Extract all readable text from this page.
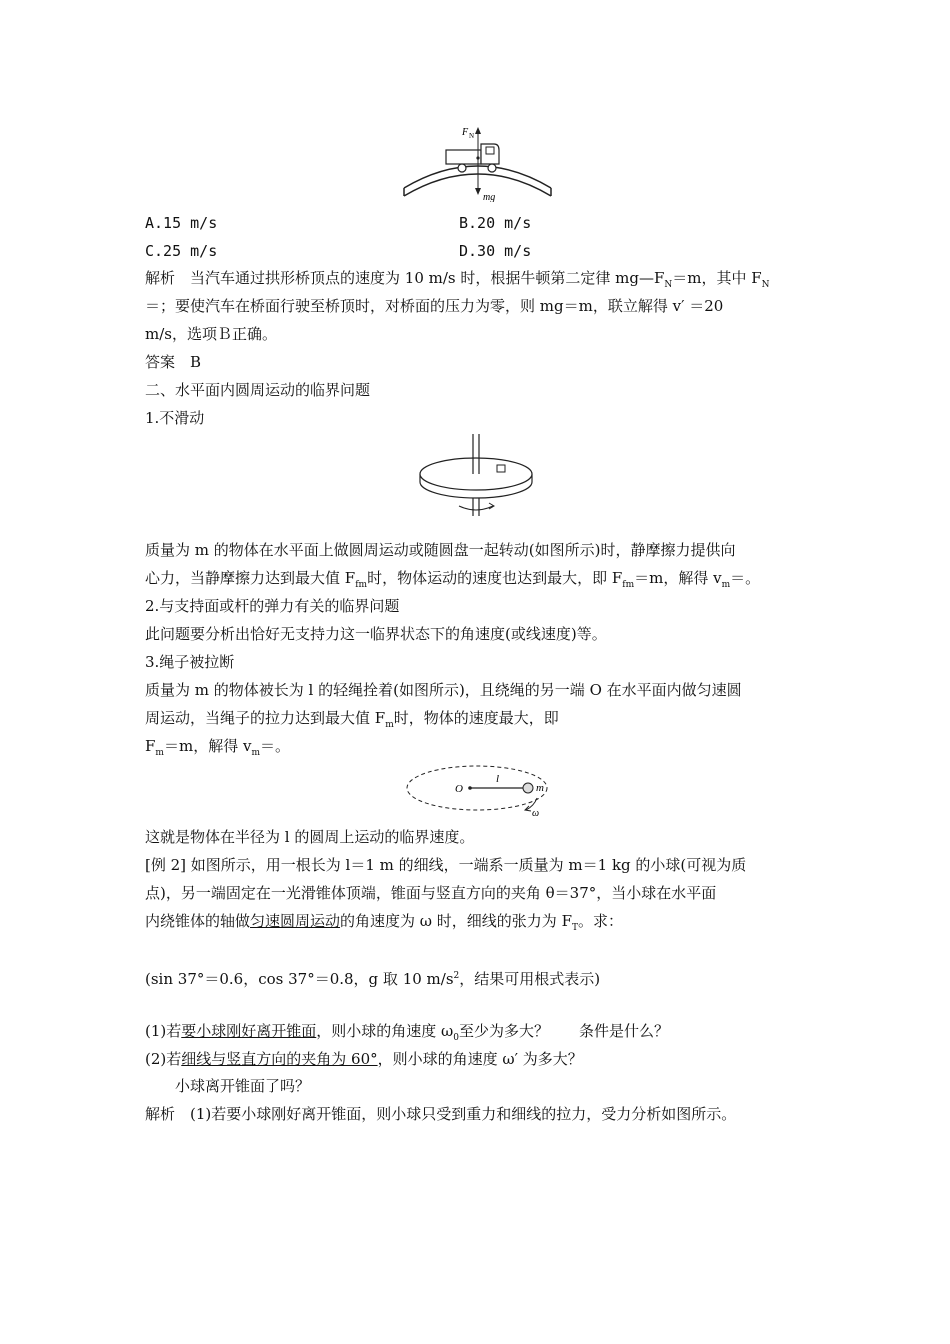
F N
mg
A.15 m/s	B.20 m/s
C.25 m/s	D.30 m/s
解析　当汽车通过拱形桥顶点的速度为 10 m/s 时，根据牛顿第二定律 $mg—F_N=m$，其中 $F_N$
＝；要使汽车在桥面行驶至桥顶时，对桥面的压力为零，则 mg＝m，联立解得 v′ ＝20
m/s，选项Ｂ正确。
答案　B
二、水平面内圆周运动的临界问题
1.不滑动
质量为 m 的物体在水平面上做圆周运动或随圆盘一起转动(如图所示)时，静摩擦力提供向
心力，当静摩擦力达到最大值 $F_{fm}$时，物体运动的速度也达到最大，即 $F_{fm}=m$，解得 $v_m=$。
2.与支持面或杆的弹力有关的临界问题
此问题要分析出恰好无支持力这一临界状态下的角速度(或线速度)等。
3.绳子被拉断
质量为 m 的物体被长为 l 的轻绳拴着(如图所示)，且绕绳的另一端 O 在水平面内做匀速圆
周运动，当绳子的拉力达到最大值 $F_m$时，物体的速度最大，即
$F_m=m$，解得 $v_m=$。
O
l
m
ω
这就是物体在半径为 l 的圆周上运动的临界速度。
[例 2] 如图所示，用一根长为 l＝1 m 的细线，一端系一质量为 m＝1 kg 的小球(可视为质
点)，另一端固定在一光滑锥体顶端，锥面与竖直方向的夹角 θ＝37°，当小球在水平面
内绕锥体的轴做匀速圆周运动的角速度为 ω 时，细线的张力为 $F_T$。求：
(sin 37°＝0.6，cos 37°＝0.8，g 取 10 $m/s^2$，结果可用根式表示)
(1)若要小球刚好离开锥面，则小球的角速度 $\omega_0$至少为多大？　　条件是什么？
(2)若细线与竖直方向的夹角为 60°，则小球的角速度 ω′ 为多大？
小球离开锥面了吗？
解析　(1)若要小球刚好离开锥面，则小球只受到重力和细线的拉力，受力分析如图所示。
